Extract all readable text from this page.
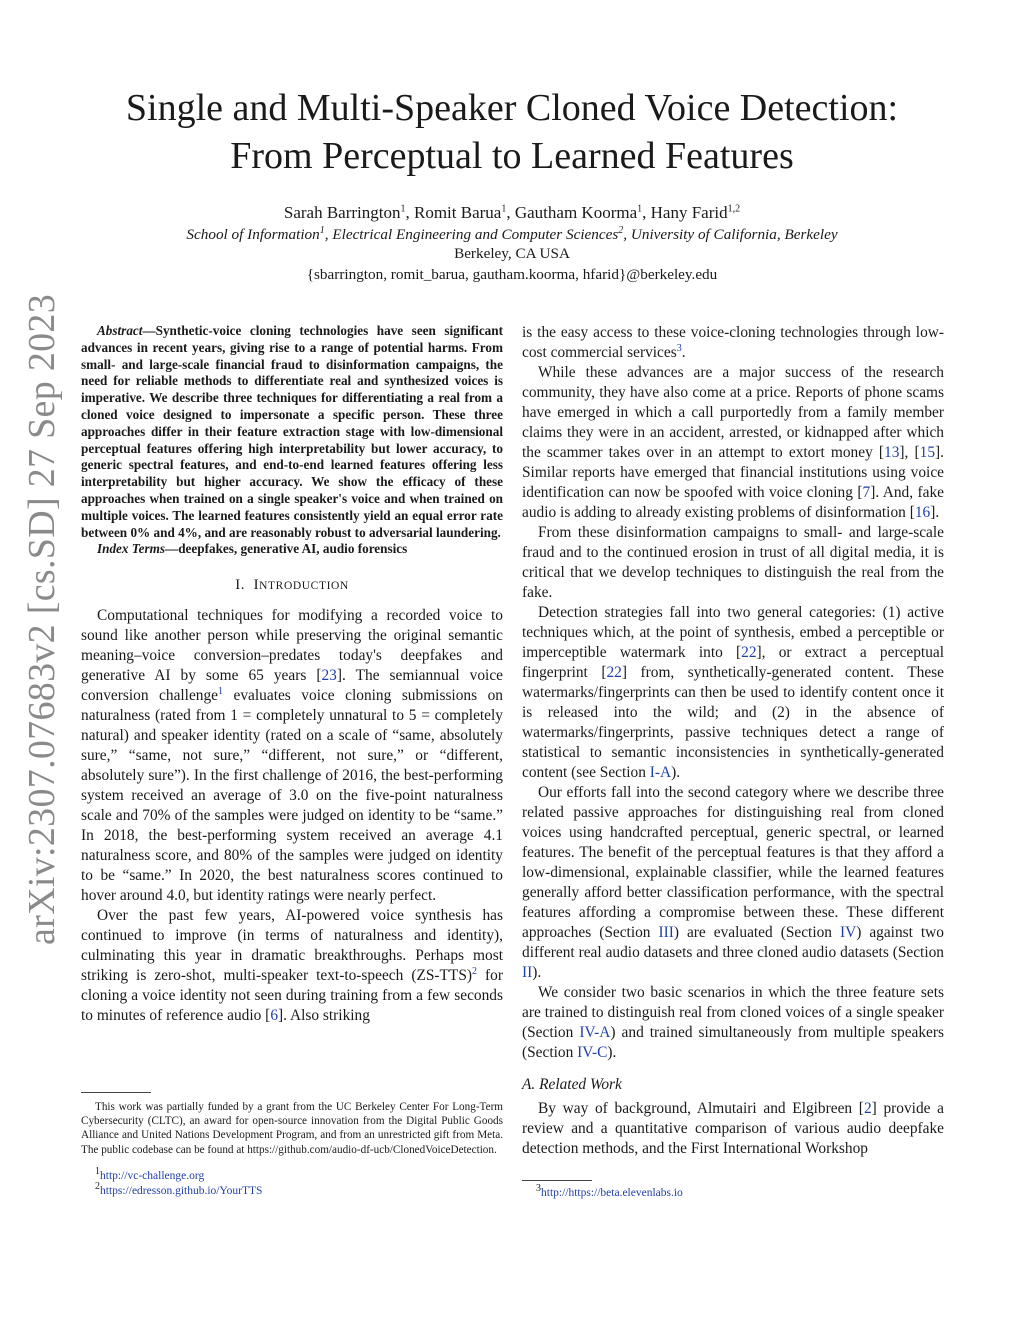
arXiv:2307.07683v2 [cs.SD] 27 Sep 2023
Single and Multi-Speaker Cloned Voice Detection:
From Perceptual to Learned Features
Sarah Barrington$^1$, Romit Barua$^1$, Gautham Koorma$^1$, Hany Farid$^{1,2}$
School of Information$^1$, Electrical Engineering and Computer Sciences$^2$, University of California, Berkeley
Berkeley, CA USA
{sbarrington, romit_barua, gautham.koorma, hfarid}@berkeley.edu
Abstract—Synthetic-voice cloning technologies have seen significant advances in recent years, giving rise to a range of potential harms. From small- and large-scale financial fraud to disinformation campaigns, the need for reliable methods to differentiate real and synthesized voices is imperative. We describe three techniques for differentiating a real from a cloned voice designed to impersonate a specific person. These three approaches differ in their feature extraction stage with low-dimensional perceptual features offering high interpretability but lower accuracy, to generic spectral features, and end-to-end learned features offering less interpretability but higher accuracy. We show the efficacy of these approaches when trained on a single speaker's voice and when trained on multiple voices. The learned features consistently yield an equal error rate between 0% and 4%, and are reasonably robust to adversarial laundering.
Index Terms—deepfakes, generative AI, audio forensics
I. INTRODUCTION

Computational techniques for modifying a recorded voice to sound like another person while preserving the original semantic meaning–voice conversion–predates today's deepfakes and generative AI by some 65 years [23]. The semiannual voice conversion challenge$^1$ evaluates voice cloning submissions on naturalness (rated from 1 = completely unnatural to 5 = completely natural) and speaker identity (rated on a scale of “same, absolutely sure,” “same, not sure,” “different, not sure,” or “different, absolutely sure”). In the first challenge of 2016, the best-performing system received an average of 3.0 on the five-point naturalness scale and 70% of the samples were judged on identity to be “same.” In 2018, the best-performing system received an average 4.1 naturalness score, and 80% of the samples were judged on identity to be “same.” In 2020, the best naturalness scores continued to hover around 4.0, but identity ratings were nearly perfect.

Over the past few years, AI-powered voice synthesis has continued to improve (in terms of naturalness and identity), culminating this year in dramatic breakthroughs. Perhaps most striking is zero-shot, multi-speaker text-to-speech $(ZS-TTS)^2$ for cloning a voice identity not seen during training from a few seconds to minutes of reference audio [6]. Also striking

This work was partially funded by a grant from the UC Berkeley Center For Long-Term Cybersecurity (CLTC), an award for open-source innovation from the Digital Public Goods Alliance and United Nations Development Program, and from an unrestricted gift from Meta. The public codebase can be found at https://github.com/audio-df-ucb/ClonedVoiceDetection.
$^1$http://vc-challenge.org
$^2$https://edresson.github.io/YourTTS

is the easy access to these voice-cloning technologies through low-cost commercial services$^3$.

While these advances are a major success of the research community, they have also come at a price. Reports of phone scams have emerged in which a call purportedly from a family member claims they were in an accident, arrested, or kidnapped after which the scammer takes over in an attempt to extort money [13], [15]. Similar reports have emerged that financial institutions using voice identification can now be spoofed with voice cloning [7]. And, fake audio is adding to already existing problems of disinformation [16].

From these disinformation campaigns to small- and large-scale fraud and to the continued erosion in trust of all digital media, it is critical that we develop techniques to distinguish the real from the fake.

Detection strategies fall into two general categories: (1) active techniques which, at the point of synthesis, embed a perceptible or imperceptible watermark into [22], or extract a perceptual fingerprint [22] from, synthetically-generated content. These watermarks/fingerprints can then be used to identify content once it is released into the wild; and (2) in the absence of watermarks/fingerprints, passive techniques detect a range of statistical to semantic inconsistencies in synthetically-generated content (see Section I-A).

Our efforts fall into the second category where we describe three related passive approaches for distinguishing real from cloned voices using handcrafted perceptual, generic spectral, or learned features. The benefit of the perceptual features is that they afford a low-dimensional, explainable classifier, while the learned features generally afford better classification performance, with the spectral features affording a compromise between these. These different approaches (Section III) are evaluated (Section IV) against two different real audio datasets and three cloned audio datasets (Section II).

We consider two basic scenarios in which the three feature sets are trained to distinguish real from cloned voices of a single speaker (Section IV-A) and trained simultaneously from multiple speakers (Section IV-C).

A. Related Work

By way of background, Almutairi and Elgibreen [2] provide a review and a quantitative comparison of various audio deepfake detection methods, and the First International Workshop

$^3$http://https://beta.elevenlabs.io
